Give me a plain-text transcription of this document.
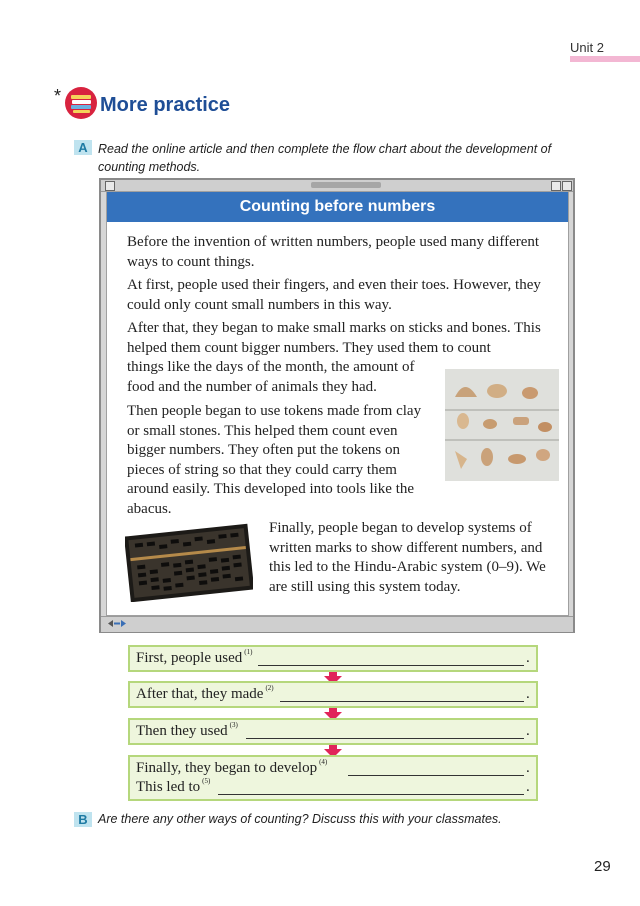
Unit 2
* More practice
A Read the online article and then complete the flow chart about the development of counting methods.
Counting before numbers
Before the invention of written numbers, people used many different ways to count things.
At first, people used their fingers, and even their toes. However, they could only count small numbers in this way.
After that, they began to make small marks on sticks and bones. This helped them count bigger numbers. They used them to count
things like the days of the month, the amount of food and the number of animals they had.
Then people began to use tokens made from clay or small stones. This helped them count even bigger numbers. They often put the tokens on pieces of string so that they could carry them around easily. This developed into tools like the abacus.
Finally, people began to develop systems of written marks to show different numbers, and this led to the Hindu-Arabic system (0–9). We are still using this system today.
First, people used $^{(1)}$	.
After that, they made $^{(2)}$	.
Then they used $^{(3)}$	.
Finally, they began to develop $^{(4)}$	.
This led to $^{(5)}$	.
B Are there any other ways of counting? Discuss this with your classmates.
29
